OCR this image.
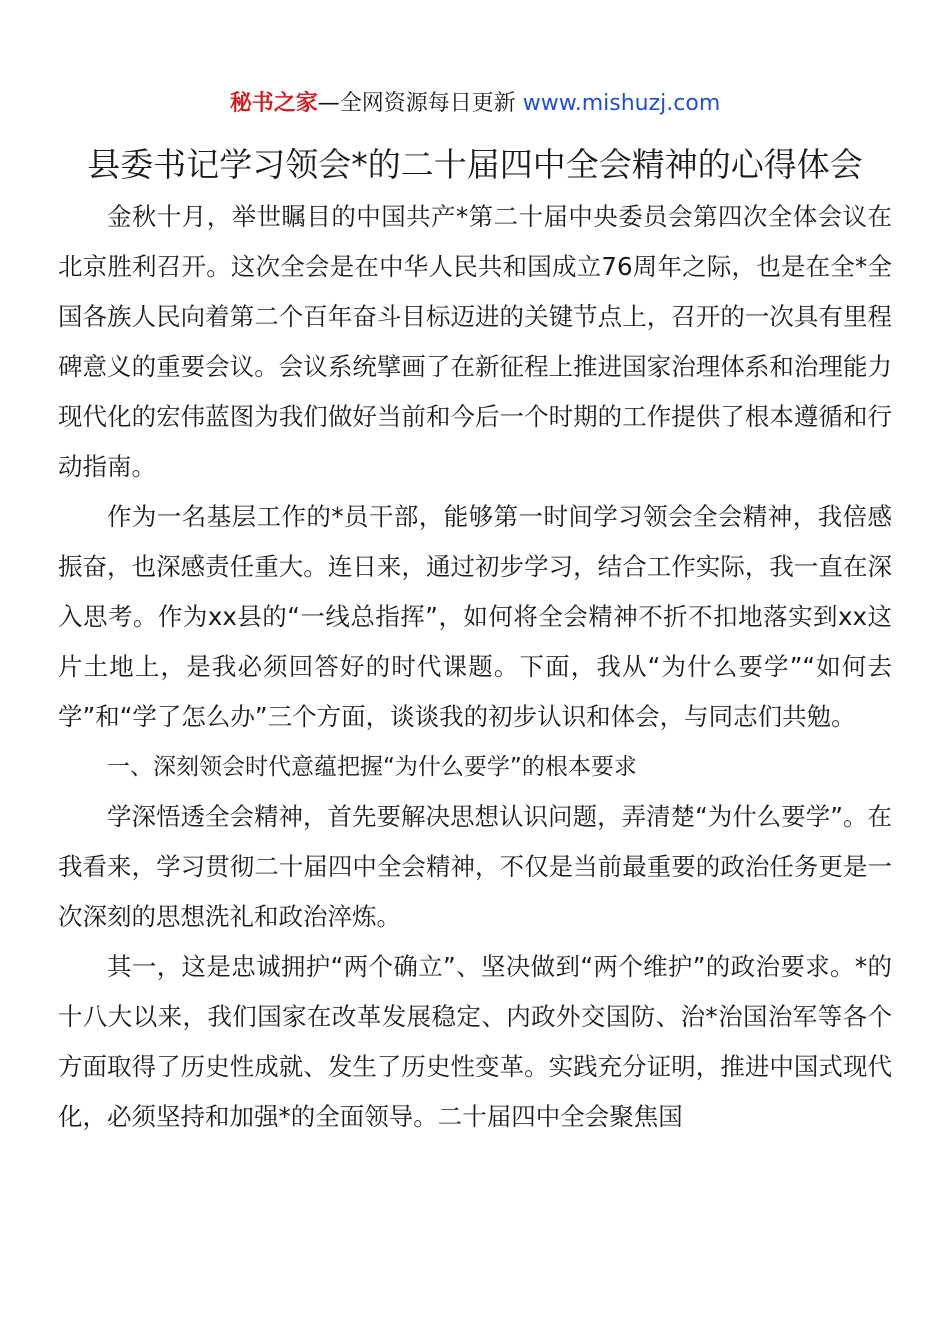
秘书之家—全网资源每日更新 www.mishuzj.com
县委书记学习领会*的二十届四中全会精神的心得体会

金秋十月，举世瞩目的中国共产*第二十届中央委员会第四次全体会议在北京胜利召开。这次全会是在中华人民共和国成立76周年之际，也是在全*全国各族人民向着第二个百年奋斗目标迈进的关键节点上，召开的一次具有里程碑意义的重要会议。会议系统擘画了在新征程上推进国家治理体系和治理能力现代化的宏伟蓝图为我们做好当前和今后一个时期的工作提供了根本遵循和行动指南。

作为一名基层工作的*员干部，能够第一时间学习领会全会精神，我倍感振奋，也深感责任重大。连日来，通过初步学习，结合工作实际，我一直在深入思考。作为xx县的“一线总指挥”，如何将全会精神不折不扣地落实到xx这片土地上，是我必须回答好的时代课题。下面，我从“为什么要学”“如何去学”和“学了怎么办”三个方面，谈谈我的初步认识和体会，与同志们共勉。

一、深刻领会时代意蕴把握“为什么要学”的根本要求

学深悟透全会精神，首先要解决思想认识问题，弄清楚“为什么要学”。在我看来，学习贯彻二十届四中全会精神，不仅是当前最重要的政治任务更是一次深刻的思想洗礼和政治淬炼。

其一，这是忠诚拥护“两个确立”、坚决做到“两个维护”的政治要求。*的十八大以来，我们国家在改革发展稳定、内政外交国防、治*治国治军等各个方面取得了历史性成就、发生了历史性变革。实践充分证明，推进中国式现代化，必须坚持和加强*的全面领导。二十届四中全会聚焦国
